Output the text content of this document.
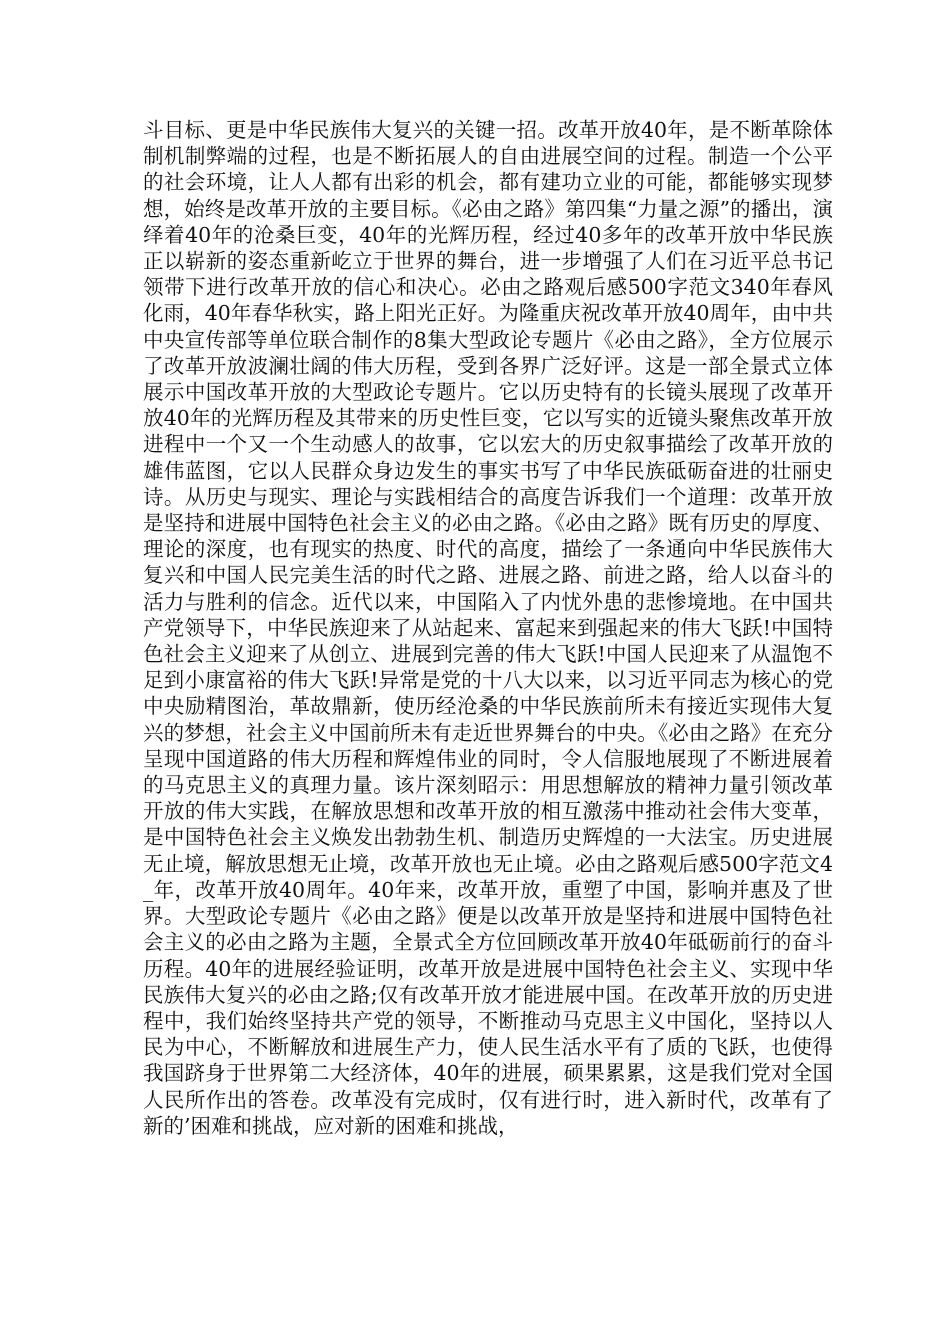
斗目标、更是中华民族伟大复兴的关键一招。改革开放40年，是不断革除体制机制弊端的过程，也是不断拓展人的自由进展空间的过程。制造一个公平的社会环境，让人人都有出彩的机会，都有建功立业的可能，都能够实现梦想，始终是改革开放的主要目标。《必由之路》第四集“力量之源”的播出，演绎着40年的沧桑巨变，40年的光辉历程，经过40多年的改革开放中华民族正以崭新的姿态重新屹立于世界的舞台，进一步增强了人们在习近平总书记领带下进行改革开放的信心和决心。必由之路观后感500字范文340年春风化雨，40年春华秋实，路上阳光正好。为隆重庆祝改革开放40周年，由中共中央宣传部等单位联合制作的8集大型政论专题片《必由之路》，全方位展示了改革开放波澜壮阔的伟大历程，受到各界广泛好评。这是一部全景式立体展示中国改革开放的大型政论专题片。它以历史特有的长镜头展现了改革开放40年的光辉历程及其带来的历史性巨变，它以写实的近镜头聚焦改革开放进程中一个又一个生动感人的故事，它以宏大的历史叙事描绘了改革开放的雄伟蓝图，它以人民群众身边发生的事实书写了中华民族砥砺奋进的壮丽史诗。从历史与现实、理论与实践相结合的高度告诉我们一个道理：改革开放是坚持和进展中国特色社会主义的必由之路。《必由之路》既有历史的厚度、理论的深度，也有现实的热度、时代的高度，描绘了一条通向中华民族伟大复兴和中国人民完美生活的时代之路、进展之路、前进之路，给人以奋斗的活力与胜利的信念。近代以来，中国陷入了内忧外患的悲惨境地。在中国共产党领导下，中华民族迎来了从站起来、富起来到强起来的伟大飞跃!中国特色社会主义迎来了从创立、进展到完善的伟大飞跃!中国人民迎来了从温饱不足到小康富裕的伟大飞跃!异常是党的十八大以来，以习近平同志为核心的党中央励精图治，革故鼎新，使历经沧桑的中华民族前所未有接近实现伟大复兴的梦想，社会主义中国前所未有走近世界舞台的中央。《必由之路》在充分呈现中国道路的伟大历程和辉煌伟业的同时，令人信服地展现了不断进展着的马克思主义的真理力量。该片深刻昭示：用思想解放的精神力量引领改革开放的伟大实践，在解放思想和改革开放的相互激荡中推动社会伟大变革，是中国特色社会主义焕发出勃勃生机、制造历史辉煌的一大法宝。历史进展无止境，解放思想无止境，改革开放也无止境。必由之路观后感500字范文4_年，改革开放40周年。40年来，改革开放，重塑了中国，影响并惠及了世界。大型政论专题片《必由之路》便是以改革开放是坚持和进展中国特色社会主义的必由之路为主题，全景式全方位回顾改革开放40年砥砺前行的奋斗历程。40年的进展经验证明，改革开放是进展中国特色社会主义、实现中华民族伟大复兴的必由之路;仅有改革开放才能进展中国。在改革开放的历史进程中，我们始终坚持共产党的领导，不断推动马克思主义中国化，坚持以人民为中心，不断解放和进展生产力，使人民生活水平有了质的飞跃，也使得我国跻身于世界第二大经济体，40年的进展，硕果累累，这是我们党对全国人民所作出的答卷。改革没有完成时，仅有进行时，进入新时代，改革有了新的’困难和挑战，应对新的困难和挑战，
